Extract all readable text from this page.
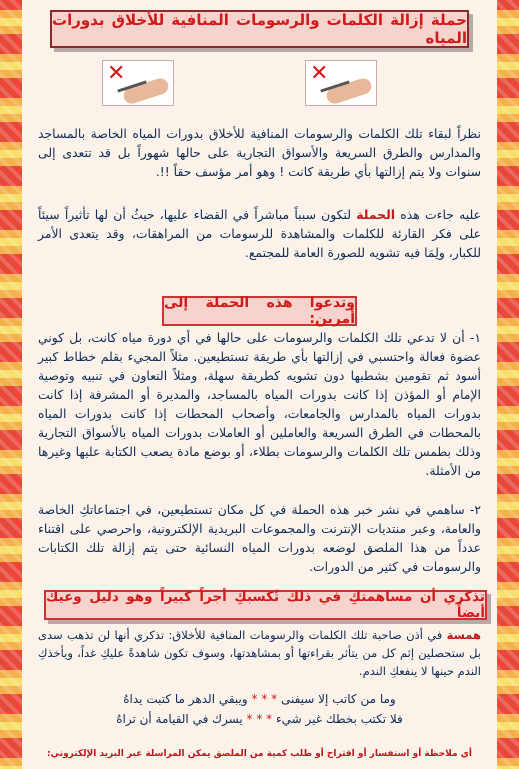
حملة إزالة الكلمات والرسومات المنافية للأخلاق بدورات المياه
✕
✕

نظراً لبقاء تلك الكلمات والرسومات المنافية للأخلاق بدورات المياه الخاصة بالمساجد والمدارس والطرق السريعة والأسواق التجارية على حالها شهوراً بل قد تتعدى إلى سنوات ولا يتم إزالتها بأي طريقة كانت ! وهو أمر مؤسف حقاً !!.

عليه جاءت هذه الحملة لتكون سبباً مباشراً في القضاء عليها، حيثُ أن لها تأثيراً سيئاً على فكر القارئة للكلمات والمشاهدة للرسومات من المراهقات، وقد يتعدى الأمر للكبار، ولِمَا فيه تشويه للصورة العامة للمجتمع.

وتدعوا هذه الحملة إلى أمرين:

١- أن لا تدعي تلك الكلمات والرسومات على حالها في أي دورة مياه كانت، بل كوني عضوة فعالة واحتسبي في إزالتها بأي طريقة تستطيعين. مثلاً المجيء بقلم خطاط كبير أسود ثم تقومين بشطبها دون تشويه كطريقة سهلة، ومثلاً التعاون في تنبيه وتوصية الإمام أو المؤذن إذا كانت بدورات المياه بالمساجد، والمديرة أو المشرفة إذا كانت بدورات المياه بالمدارس والجامعات، وأصحاب المحطات إذا كانت بدورات المياه بالمحطات في الطرق السريعة والعاملين أو العاملات بدورات المياه بالأسواق التجارية وذلك بطمس تلك الكلمات والرسومات بطلاء، أو بوضع مادة يصعب الكتابة عليها وغيرها من الأمثلة.

٢- ساهمي في نشر خبر هذه الحملة في كل مكان تستطيعين، في اجتماعاتكِ الخاصة والعامة، وعبر منتديات الإنترنت والمجموعات البريدية الإلكترونية، واحرصي على اقتناء عدداً من هذا الملصق لوضعه بدورات المياه النسائية حتى يتم إزالة تلك الكتابات والرسومات في كثير من الدورات.

تذكري أن مساهمتكِ في ذلك تُكسبكِ أجراً كبيراً وهو دليل وعيك أيضاً

همسة في أذن صاحبة تلك الكلمات والرسومات المنافية للأخلاق: تذكري أنها لن تذهب سدى بل ستحصلين إثم كل من يتأثر بقراءتها أو بمشاهدتها، وسوف تكون شاهدةً عليكِ غداً، ويأخذكِ الندم حينها لا ينفعكِ الندم.

وما من كاتب إلا سيفنى * * * ويبقي الدهر ما كتبت يداهُ
فلا تكتب بخطك غير شيء * * * يسرك في القيامة أن تراهُ
أي ملاحظة أو استفسار أو اقتراح أو طلب كمية من الملصق يمكن المراسلة عبر البريد الإلكتروني:
